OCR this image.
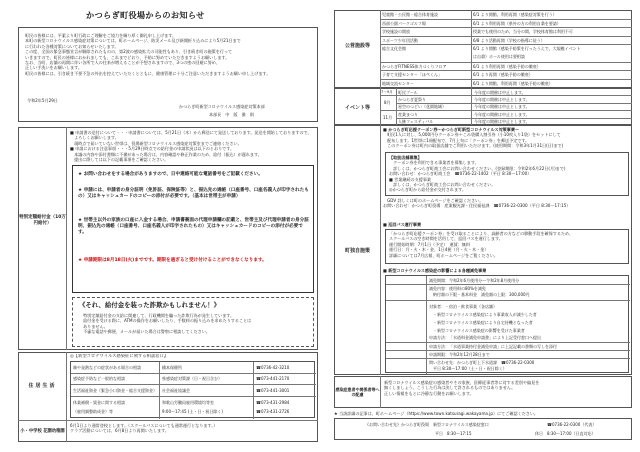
かつらぎ町役場からのお知らせ
町民の皆様には、平素より町行政にご理解をご協力を賜り厚く御礼申し上げます。
本町の新型コロナウイルス感染症対策については、町ホームページ、防災メール及び新聞折り込みにより5月21日まで
に行われた各種対策についてお知らせいたします。
この度、全国の緊急事態宣言が解除されたものの、第2波の感染拡大の可能性もあり、引き続き町の施策を行って
いきますので、町民の皆様におかれましても、これまでどおり、予防に努めていただきますようお願いします。
なお、当町、店舗の再開に伴い各所で人の往来が増えることが予想されますので、3つの密の回避に努め、
正しい手洗いをお願いします。
町民の皆様には、引き続き不要不急の外出を控えていただくとともに、健康管理に十分ご注意いただきますようお願い申し上げます。
令和2年5月29日
かつらぎ町新型コロナウイルス感染症対策本部
本部長　中　阪　雅　則
特別定額給付金（10万円給付）
■ 申請書の送付について・・・申請書については、5月21日（木）から郵送にて発送しております。発送を開始しておりますので、
　よろしくお願いします。
　現時点で届いていない世帯は、役場新型コロナウイルス感染症対策室までご連絡ください。
■ 申請における注意事項・・・5月29日時点での給付金の申請状況は以下のとおりです。
　本議の内容や添付書類に不備があった場合は、内容確認や修正作業のため、給付（振込）が遅れます。
　提出に際しては以下の記載事項をご確認ください。
★ お問い合わせをする場合がありますので、日中連絡可能な電話番号をご記載ください。
★ 申請には、申請者の身分証明（免許証、保険証等）と、振込先の通帳（口座番号、口座名義人が印字されたもの）又はキャッシュカードのコピーの添付が必要です。（基本は世帯主が申請）
★ 世帯主以外の家族の口座に入金する場合、申請書裏面の代理申請欄の記載と、世帯主及び代理申請者の身分証明、振込先の通帳（口座番号、口座名義人が印字されたもの）又はキャッシュカードのコピーの添付が必要です。
★ 申請期限は8月18日(火)までです。期限を過ぎると受け付けることができなくなります。
《それ、給付金を装った詐欺かもしれません！》
　特別定額給付金の支給に関連して、行政機関を騙った詐欺行為が発生しています。
　給付金を受ける際に、ATMの操作をお願いしたり、手数料の振り込みを求めたりすることは
　ありません。
　不審な電話や郵便、メールが届いた場合は警察に相談してください。
住居生活
小・中学校 花園幼稚園
◎【新型コロナウイルス感染症に関する相談窓口】
咳や発熱などの症状がある場合の相談	橋本保健所	☎0736-42-3210
感染症予防など一般的な相談	県感染症対策課（日・祝日含む）	☎073-441-2170
生活福祉資金（緊急小口資金・総合支援資金） 社会福祉協議会	☎073-441-3001
休業補償・賃金に関する相談	和歌山労働局雇用環境均等室	☎073-431-2984
（雇用調整助成金）等	9:00～17:45 (土・日・祝日除く)	☎073-431-2726
6月1日より通常登校とします。（スクールバスについても通常運行となります。）
クラブ活動については、6月8日より再開いたします。
公営施設等
児童館・公民館・総合体育施設	6/1 より開館、利用再開（感染症対策を行う）
西部公園パークゴルフ場	6/1 より利用再開（県外の方の利用自粛を要請）
学校施設の開放	授業でも使用のため、当分の間、学校体育館は利用不可
スポーツ少年団活動	6/8 より活動再開（学校の指導に従う）
総合文化会館	6/1 より開館（感染予防策を行ったうえで、大規模イベント
は自粛）ホール使用は要相談
かつらぎFITNESS体力づくりフロア	6/1 より利用再開（感染予防の徹底）
子育て支援センター「ほぺくん」	6/1 より再開（感染予防の徹底）
地域交流センター	6/1 より開館、利用再開（感染予防の徹底）
イベント等
7～9月 町民プール	今年度の開催は中止します。
8月
かつらぎ夏祭り	今年度の開催は中止とします。
星空のつどい（花園地域）	今年度の開催は中止とします。
11月
産業まつり	今年度の開催は中止とします。
人権フェスティバル	今年度の開催は中止とします。
町独自施策
■ かつらぎ町応援クーポン券～かつらぎ町新型コロナウイルス対策事業～
　町民1人に対し、5,000円分クーポン券＋こみ袋購入割引券（小10枚入り1袋）をセットにして
　配布します。1世帯に1冊配布で、7月上旬に「クーポン券」を郵送予定です。
　このクーポン券は町内の取扱店舗でご利用いただけます。(使用期間：令和3年1月31日(日)まで)
【取扱店舗募集】
　クーポン券を利用できる事業者を募集します。
　詳しくは、かつらぎ町商工会にお問い合わせください。(登録期限：令和2年6月22日(月)まで)
お問い合わせ：かつらぎ町商工会　☎0736-22-1402（平日 8:30～17:00）
■ 営業継続の支援事業
　詳しくは、かつらぎ町商工会にお問い合わせください。
◎かつらぎ町から給付金が交付されます。
　GDV 詳しくは町のホームページをご確認ください。
お問い合わせ：かつらぎ町役場　産業観光課・住民福祉課　☎0736-22-0300（平日 8:30～17:15）
■ 巡回バス運行事業
「かつらぎ町応援クーポン券」を受け取ることにより、高齢者の方などの移動手段を確保するため、
スクールバスの空き時間を活用して、巡回バスを運行します。
運行開始時期：7月1日（予定）　運賃：無料
運行日：月・火・木・金、1日4便（月・火・木・金）
詳細については7月広報、町ホームページをご覧ください。
■ 新型コロナウイルス感染症の影響による各種減免事業
減免期間：令和2年6月使用分～令和2年8月使用分
減免内容：使用料の80%を減免
　納付額の下限・基本料金　減免額の上限：300,000円
対象者：・宿泊・飲食事業（各店舗）
　・新型コロナウイルス感染症により事業収入が減少した者
　・新型コロナウイルス感染症により自宅待機となった者
　・新型コロナウイルス感染症の影響を受けた事業者
申請方法：「水道料金減免申請書」により上記受付窓口へ提出
申請方法：「水道事業持付金減免申請」に上記記載の書類の写しを添付
申請期限：令和2年12月28日まで
問い合わせ先：かつらぎ町上下水道課　☎0736-22-0300
　平日 8:30～17:00（土・日・祝日除く）
感染症患者や関係者等への配慮
新型コロナウイルス感染症の感染者やその家族、医療従事者等に対する差別や偏見を
無くしましょう。こうした行為は決して許されるものではありません。
正しい情報をもとに冷静な行動をお願いします。
★ 当該詳細の記事は、町ホームページ（https://www.town.katsuragi.wakayama.jp）にてご確認ください。
《お問い合わせ先》かつらぎ町役場　新型コロナウイルス感染症窓口	☎0736-22-0300（代表）
平日　8:30～17:15	休日　8:30～17:00（日直対応）
